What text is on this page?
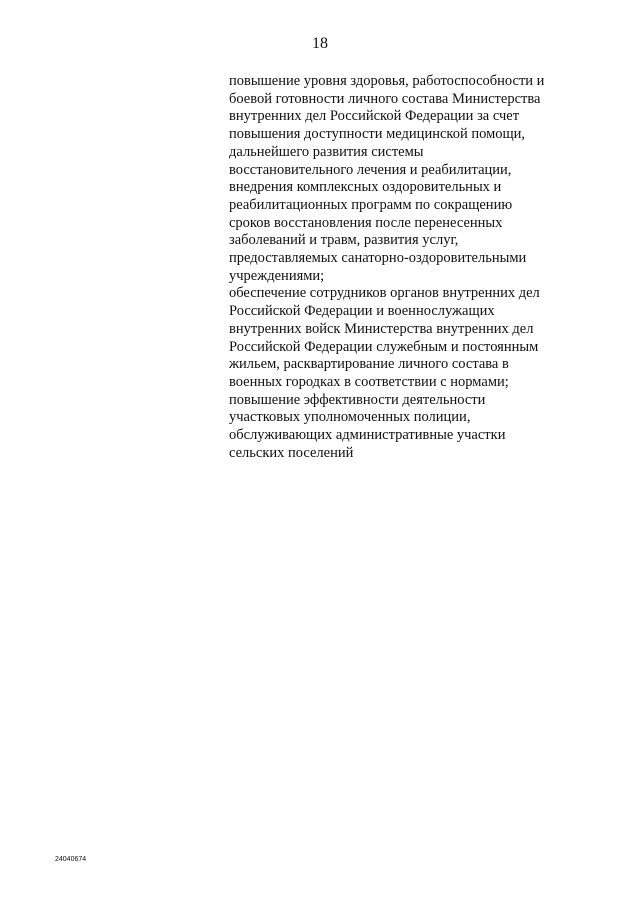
18
повышение уровня здоровья, работоспособности и
боевой готовности личного состава Министерства
внутренних дел Российской Федерации за счет
повышения доступности медицинской помощи,
дальнейшего развития системы
восстановительного лечения и реабилитации,
внедрения комплексных оздоровительных и
реабилитационных программ по сокращению
сроков восстановления после перенесенных
заболеваний и травм, развития услуг,
предоставляемых санаторно-оздоровительными
учреждениями;
обеспечение сотрудников органов внутренних дел
Российской Федерации и военнослужащих
внутренних войск Министерства внутренних дел
Российской Федерации служебным и постоянным
жильем, расквартирование личного состава в
военных городках в соответствии с нормами;
повышение эффективности деятельности
участковых уполномоченных полиции,
обслуживающих административные участки
сельских поселений
24040674
